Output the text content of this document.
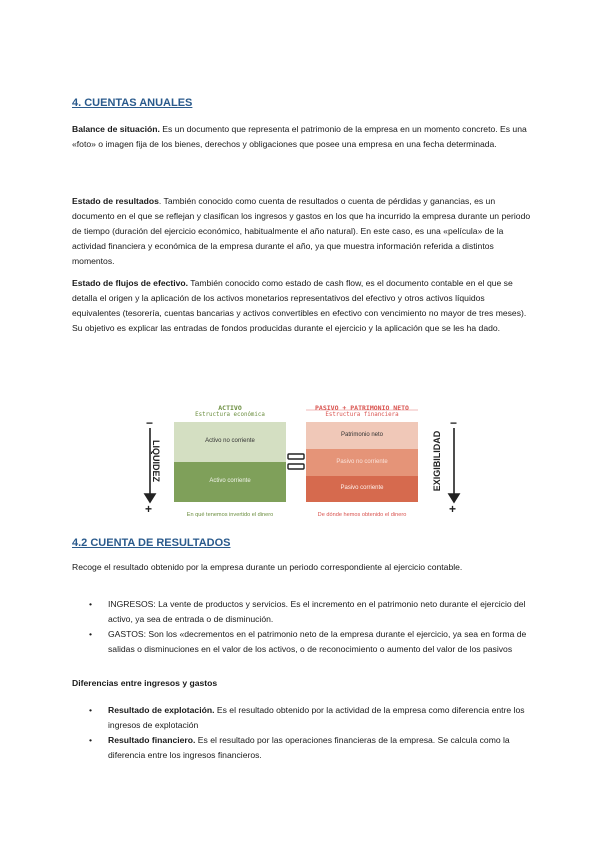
4. CUENTAS ANUALES

Balance de situación. Es un documento que representa el patrimonio de la empresa en un momento concreto. Es una «foto» o imagen fija de los bienes, derechos y obligaciones que posee una empresa en una fecha determinada.

Estado de resultados. También conocido como cuenta de resultados o cuenta de pérdidas y ganancias, es un documento en el que se reflejan y clasifican los ingresos y gastos en los que ha incurrido la empresa durante un periodo de tiempo (duración del ejercicio económico, habitualmente el año natural). En este caso, es una «película» de la actividad financiera y económica de la empresa durante el año, ya que muestra información referida a distintos momentos.

Estado de flujos de efectivo. También conocido como estado de cash flow, es el documento contable en el que se detalla el origen y la aplicación de los activos monetarios representativos del efectivo y otros activos líquidos equivalentes (tesorería, cuentas bancarias y activos convertibles en efectivo con vencimiento no mayor de tres meses). Su objetivo es explicar las entradas de fondos producidas durante el ejercicio y la aplicación que se les ha dado.

ACTIVO
Estructura económica
PASIVO + PATRIMONIO NETO
Estructura financiera
Activo no corriente
Activo corriente
Patrimonio neto
Pasivo no corriente
Pasivo corriente
LIQUIDEZ	EXIGIBILIDAD
−
+
−
+
En qué tenemos invertido el dinero	De dónde hemos obtenido el dinero
4.2 CUENTA DE RESULTADOS

Recoge el resultado obtenido por la empresa durante un periodo correspondiente al ejercicio contable.

• INGRESOS: La vente de productos y servicios. Es el incremento en el patrimonio neto durante el ejercicio del activo, ya sea de entrada o de disminución.
• GASTOS: Son los «decrementos en el patrimonio neto de la empresa durante el ejercicio, ya sea en forma de salidas o disminuciones en el valor de los activos, o de reconocimiento o aumento del valor de los pasivos

Diferencias entre ingresos y gastos

• Resultado de explotación. Es el resultado obtenido por la actividad de la empresa como diferencia entre los ingresos de explotación
• Resultado financiero. Es el resultado por las operaciones financieras de la empresa. Se calcula como la diferencia entre los ingresos financieros.
